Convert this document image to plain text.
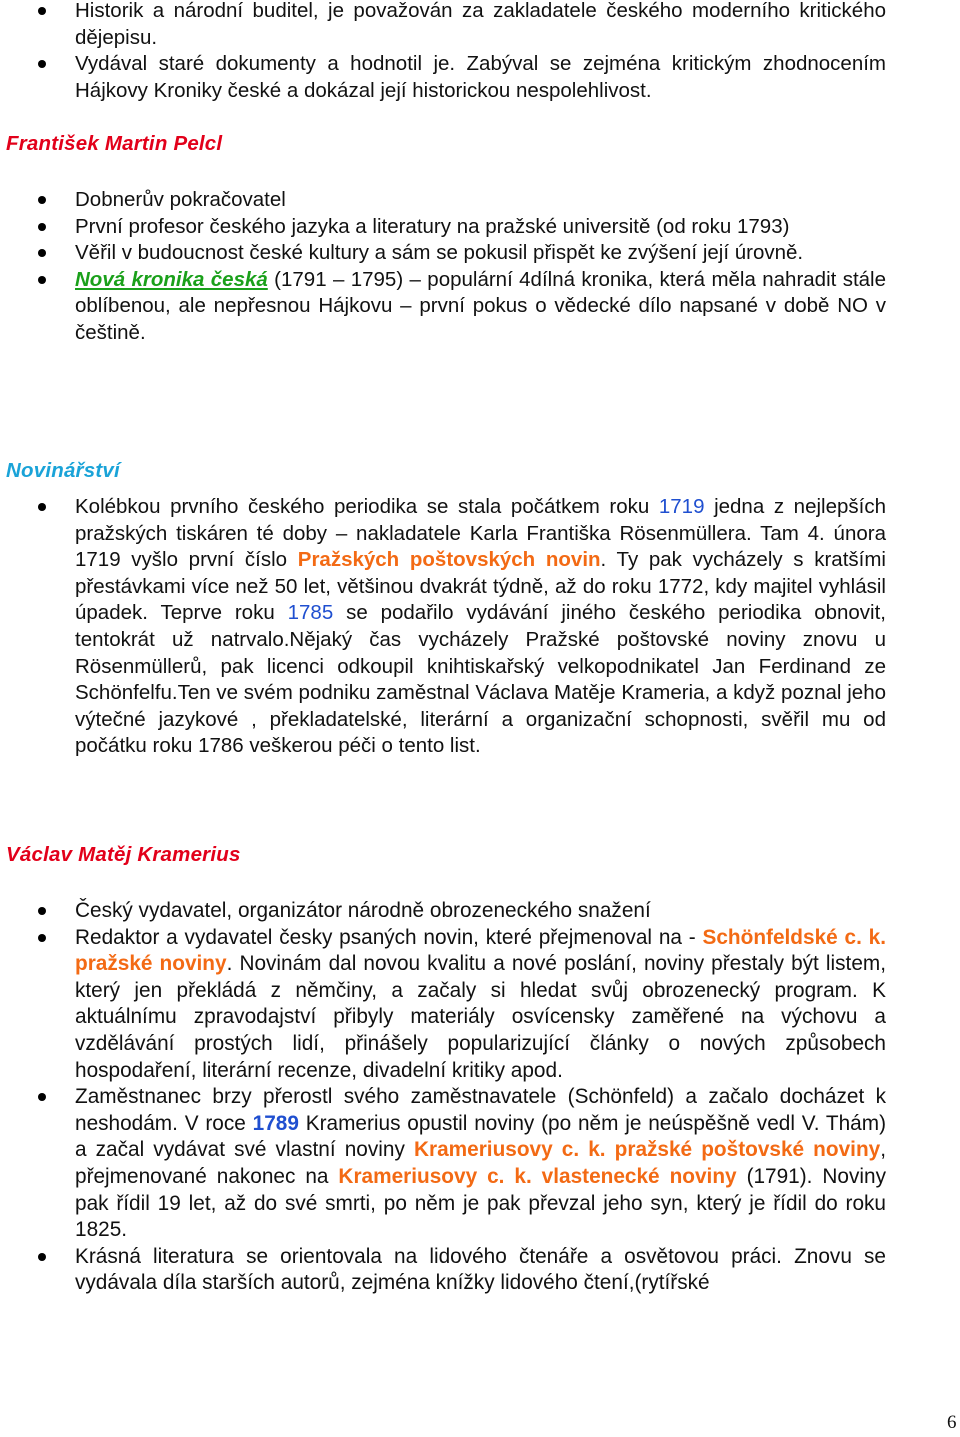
Historik a národní buditel, je považován za zakladatele českého moderního kritického dějepisu.
Vydával staré dokumenty a hodnotil je. Zabýval se zejména kritickým zhodnocením Hájkovy Kroniky české a dokázal její historickou nespolehlivost.
František Martin Pelcl
Dobnerův pokračovatel
První profesor českého jazyka a literatury na pražské universitě (od roku 1793)
Věřil v budoucnost české kultury a sám se pokusil přispět ke zvýšení její úrovně.
Nová kronika česká (1791 – 1795) – populární 4dílná kronika, která měla nahradit stále oblíbenou, ale nepřesnou Hájkovu – první pokus o vědecké dílo napsané v době NO v češtině.
Novinářství
Kolébkou prvního českého periodika se stala počátkem roku 1719 jedna z nejlepších pražských tiskáren té doby – nakladatele Karla Františka Rösenmüllera. Tam 4. února 1719 vyšlo první číslo Pražských poštovských novin. Ty pak vycházely s kratšími přestávkami více než 50 let, většinou dvakrát týdně, až do roku 1772, kdy majitel vyhlásil úpadek. Teprve roku 1785 se podařilo vydávání jiného českého periodika obnovit, tentokrát už natrvalo.Nějaký čas vycházely Pražské poštovské noviny znovu u Rösenmüllerů, pak licenci odkoupil knihtiskařský velkopodnikatel Jan Ferdinand ze Schönfelfu.Ten ve svém podniku zaměstnal Václava Matěje Krameria, a když poznal jeho výtečné jazykové , překladatelské, literární a organizační schopnosti, svěřil mu od počátku roku 1786 veškerou péči o tento list.
Václav Matěj Kramerius
Český vydavatel, organizátor národně obrozeneckého snažení
Redaktor a vydavatel česky psaných novin, které přejmenoval na - Schönfeldské c. k. pražské noviny. Novinám dal novou kvalitu a nové poslání, noviny přestaly být listem, který jen překládá z němčiny, a začaly si hledat svůj obrozenecký program. K aktuálnímu zpravodajství přibyly materiály osvícensky zaměřené na výchovu a vzdělávání prostých lidí, přinášely popularizující články o nových způsobech hospodaření, literární recenze, divadelní kritiky apod.
Zaměstnanec brzy přerostl svého zaměstnavatele (Schönfeld) a začalo docházet k neshodám. V roce 1789 Kramerius opustil noviny (po něm je neúspěšně vedl V. Thám) a začal vydávat své vlastní noviny Krameriusovy c. k. pražské poštovské noviny, přejmenované nakonec na Krameriusovy c. k. vlastenecké noviny (1791). Noviny pak řídil 19 let, až do své smrti, po něm je pak převzal jeho syn, který je řídil do roku 1825.
Krásná literatura se orientovala na lidového čtenáře a osvětovou práci. Znovu se vydávala díla starších autorů, zejména knížky lidového čtení,(rytířské
6
